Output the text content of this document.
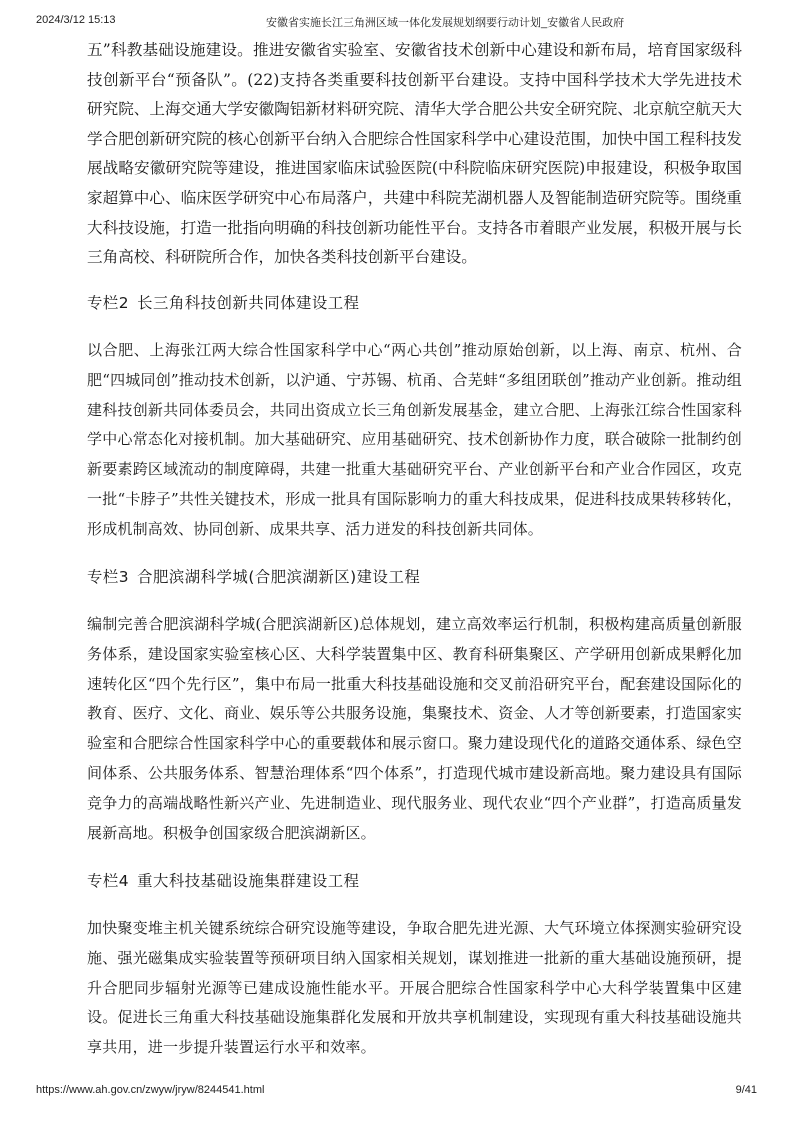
2024/3/12 15:13	安徽省实施长江三角洲区域一体化发展规划纲要行动计划_安徽省人民政府

五”科教基础设施建设。推进安徽省实验室、安徽省技术创新中心建设和新布局，培育国家级科技创新平台“预备队”。(22)支持各类重要科技创新平台建设。支持中国科学技术大学先进技术研究院、上海交通大学安徽陶铝新材料研究院、清华大学合肥公共安全研究院、北京航空航天大学合肥创新研究院的核心创新平台纳入合肥综合性国家科学中心建设范围，加快中国工程科技发展战略安徽研究院等建设，推进国家临床试验医院(中科院临床研究医院)申报建设，积极争取国家超算中心、临床医学研究中心布局落户，共建中科院芜湖机器人及智能制造研究院等。围绕重大科技设施，打造一批指向明确的科技创新功能性平台。支持各市着眼产业发展，积极开展与长三角高校、科研院所合作，加快各类科技创新平台建设。

专栏2 长三角科技创新共同体建设工程

以合肥、上海张江两大综合性国家科学中心“两心共创”推动原始创新，以上海、南京、杭州、合肥“四城同创”推动技术创新，以沪通、宁苏锡、杭甬、合芜蚌“多组团联创”推动产业创新。推动组建科技创新共同体委员会，共同出资成立长三角创新发展基金，建立合肥、上海张江综合性国家科学中心常态化对接机制。加大基础研究、应用基础研究、技术创新协作力度，联合破除一批制约创新要素跨区域流动的制度障碍，共建一批重大基础研究平台、产业创新平台和产业合作园区，攻克一批“卡脖子”共性关键技术，形成一批具有国际影响力的重大科技成果，促进科技成果转移转化，形成机制高效、协同创新、成果共享、活力迸发的科技创新共同体。

专栏3 合肥滨湖科学城(合肥滨湖新区)建设工程

编制完善合肥滨湖科学城(合肥滨湖新区)总体规划，建立高效率运行机制，积极构建高质量创新服务体系，建设国家实验室核心区、大科学装置集中区、教育科研集聚区、产学研用创新成果孵化加速转化区“四个先行区”，集中布局一批重大科技基础设施和交叉前沿研究平台，配套建设国际化的教育、医疗、文化、商业、娱乐等公共服务设施，集聚技术、资金、人才等创新要素，打造国家实验室和合肥综合性国家科学中心的重要载体和展示窗口。聚力建设现代化的道路交通体系、绿色空间体系、公共服务体系、智慧治理体系“四个体系”，打造现代城市建设新高地。聚力建设具有国际竞争力的高端战略性新兴产业、先进制造业、现代服务业、现代农业“四个产业群”，打造高质量发展新高地。积极争创国家级合肥滨湖新区。

专栏4 重大科技基础设施集群建设工程

加快聚变堆主机关键系统综合研究设施等建设，争取合肥先进光源、大气环境立体探测实验研究设施、强光磁集成实验装置等预研项目纳入国家相关规划，谋划推进一批新的重大基础设施预研，提升合肥同步辐射光源等已建成设施性能水平。开展合肥综合性国家科学中心大科学装置集中区建设。促进长三角重大科技基础设施集群化发展和开放共享机制建设，实现现有重大科技基础设施共享共用，进一步提升装置运行水平和效率。

https://www.ah.gov.cn/zwyw/jryw/8244541.html	9/41
